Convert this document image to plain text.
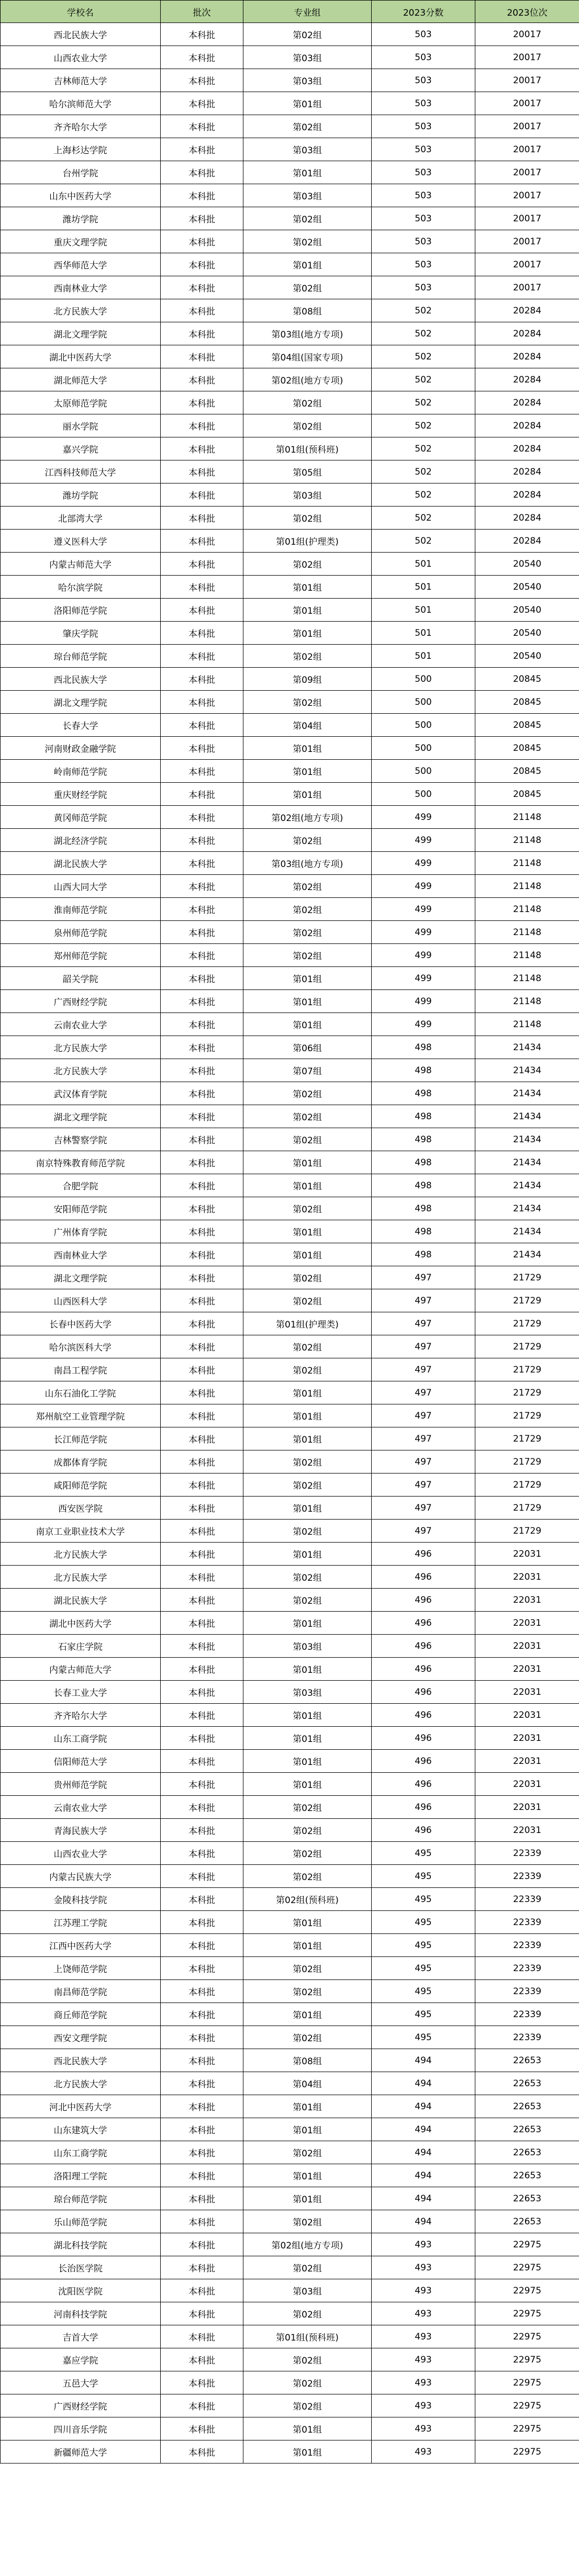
学校名	批次	专业组	2023分数	2023位次
西北民族大学	本科批	第02组	503	20017
山西农业大学	本科批	第03组	503	20017
吉林师范大学	本科批	第03组	503	20017
哈尔滨师范大学	本科批	第01组	503	20017
齐齐哈尔大学	本科批	第02组	503	20017
上海杉达学院	本科批	第03组	503	20017
台州学院	本科批	第01组	503	20017
山东中医药大学	本科批	第03组	503	20017
潍坊学院	本科批	第02组	503	20017
重庆文理学院	本科批	第02组	503	20017
西华师范大学	本科批	第01组	503	20017
西南林业大学	本科批	第02组	503	20017
北方民族大学	本科批	第08组	502	20284
湖北文理学院	本科批	第03组(地方专项)	502	20284
湖北中医药大学	本科批	第04组(国家专项)	502	20284
湖北师范大学	本科批	第02组(地方专项)	502	20284
太原师范学院	本科批	第02组	502	20284
丽水学院	本科批	第02组	502	20284
嘉兴学院	本科批	第01组(预科班)	502	20284
江西科技师范大学	本科批	第05组	502	20284
潍坊学院	本科批	第03组	502	20284
北部湾大学	本科批	第02组	502	20284
遵义医科大学	本科批	第01组(护理类)	502	20284
内蒙古师范大学	本科批	第02组	501	20540
哈尔滨学院	本科批	第01组	501	20540
洛阳师范学院	本科批	第01组	501	20540
肇庆学院	本科批	第01组	501	20540
琼台师范学院	本科批	第02组	501	20540
西北民族大学	本科批	第09组	500	20845
湖北文理学院	本科批	第02组	500	20845
长春大学	本科批	第04组	500	20845
河南财政金融学院	本科批	第01组	500	20845
岭南师范学院	本科批	第01组	500	20845
重庆财经学院	本科批	第01组	500	20845
黄冈师范学院	本科批	第02组(地方专项)	499	21148
湖北经济学院	本科批	第02组	499	21148
湖北民族大学	本科批	第03组(地方专项)	499	21148
山西大同大学	本科批	第02组	499	21148
淮南师范学院	本科批	第02组	499	21148
泉州师范学院	本科批	第02组	499	21148
郑州师范学院	本科批	第02组	499	21148
韶关学院	本科批	第01组	499	21148
广西财经学院	本科批	第01组	499	21148
云南农业大学	本科批	第01组	499	21148
北方民族大学	本科批	第06组	498	21434
北方民族大学	本科批	第07组	498	21434
武汉体育学院	本科批	第02组	498	21434
湖北文理学院	本科批	第02组	498	21434
吉林警察学院	本科批	第02组	498	21434
南京特殊教育师范学院	本科批	第01组	498	21434
合肥学院	本科批	第01组	498	21434
安阳师范学院	本科批	第02组	498	21434
广州体育学院	本科批	第01组	498	21434
西南林业大学	本科批	第01组	498	21434
湖北文理学院	本科批	第02组	497	21729
山西医科大学	本科批	第02组	497	21729
长春中医药大学	本科批	第01组(护理类)	497	21729
哈尔滨医科大学	本科批	第02组	497	21729
南昌工程学院	本科批	第02组	497	21729
山东石油化工学院	本科批	第01组	497	21729
郑州航空工业管理学院	本科批	第01组	497	21729
长江师范学院	本科批	第01组	497	21729
成都体育学院	本科批	第02组	497	21729
咸阳师范学院	本科批	第02组	497	21729
西安医学院	本科批	第01组	497	21729
南京工业职业技术大学	本科批	第02组	497	21729
北方民族大学	本科批	第01组	496	22031
北方民族大学	本科批	第02组	496	22031
湖北民族大学	本科批	第02组	496	22031
湖北中医药大学	本科批	第01组	496	22031
石家庄学院	本科批	第03组	496	22031
内蒙古师范大学	本科批	第01组	496	22031
长春工业大学	本科批	第03组	496	22031
齐齐哈尔大学	本科批	第01组	496	22031
山东工商学院	本科批	第01组	496	22031
信阳师范大学	本科批	第01组	496	22031
贵州师范学院	本科批	第01组	496	22031
云南农业大学	本科批	第02组	496	22031
青海民族大学	本科批	第02组	496	22031
山西农业大学	本科批	第02组	495	22339
内蒙古民族大学	本科批	第02组	495	22339
金陵科技学院	本科批	第02组(预科班)	495	22339
江苏理工学院	本科批	第01组	495	22339
江西中医药大学	本科批	第01组	495	22339
上饶师范学院	本科批	第02组	495	22339
南昌师范学院	本科批	第02组	495	22339
商丘师范学院	本科批	第01组	495	22339
西安文理学院	本科批	第02组	495	22339
西北民族大学	本科批	第08组	494	22653
北方民族大学	本科批	第04组	494	22653
河北中医药大学	本科批	第01组	494	22653
山东建筑大学	本科批	第01组	494	22653
山东工商学院	本科批	第02组	494	22653
洛阳理工学院	本科批	第01组	494	22653
琼台师范学院	本科批	第01组	494	22653
乐山师范学院	本科批	第02组	494	22653
湖北科技学院	本科批	第02组(地方专项)	493	22975
长治医学院	本科批	第02组	493	22975
沈阳医学院	本科批	第03组	493	22975
河南科技学院	本科批	第02组	493	22975
吉首大学	本科批	第01组(预科班)	493	22975
嘉应学院	本科批	第02组	493	22975
五邑大学	本科批	第02组	493	22975
广西财经学院	本科批	第02组	493	22975
四川音乐学院	本科批	第01组	493	22975
新疆师范大学	本科批	第01组	493	22975
